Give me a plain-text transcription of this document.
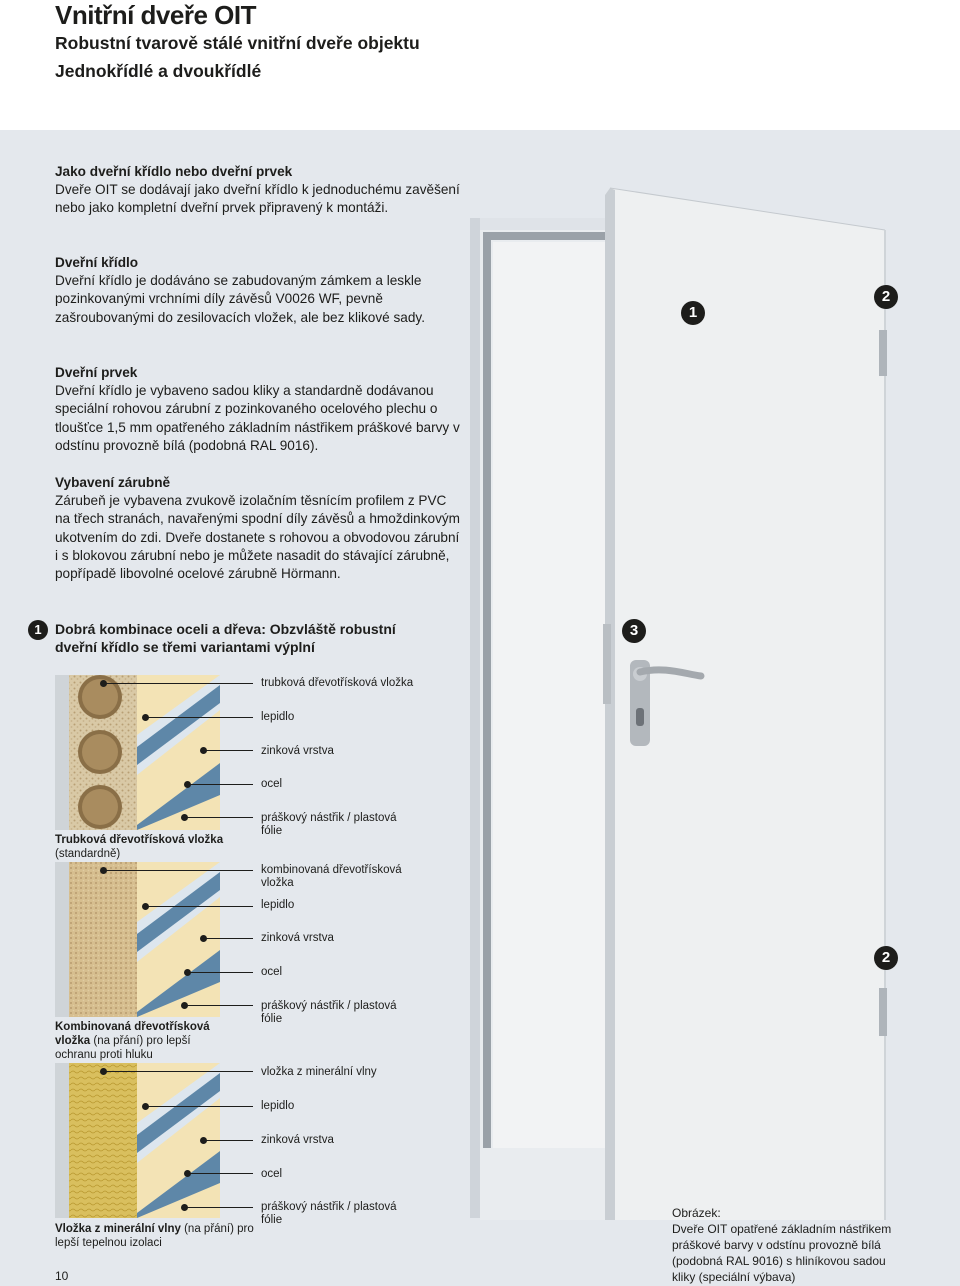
Vnitřní dveře OIT
Robustní tvarově stálé vnitřní dveře objektu
Jednokřídlé a dvoukřídlé
1
2
3
2
Jako dveřní křídlo nebo dveřní prvek
Dveře OIT se dodávají jako dveřní křídlo k jednoduchému zavěšení nebo jako kompletní dveřní prvek připravený k montáži.
Dveřní křídlo
Dveřní křídlo je dodáváno se zabudovaným zámkem a leskle pozinkovanými vrchními díly závěsů V0026 WF, pevně zašroubovanými do zesilovacích vložek, ale bez klikové sady.
Dveřní prvek
Dveřní křídlo je vybaveno sadou kliky a standardně dodávanou speciální rohovou zárubní z pozinkovaného ocelového plechu o tloušťce 1,5 mm opatřeného základním nástřikem práškové barvy v odstínu provozně bílá (podobná RAL 9016).
Vybavení zárubně
Zárubeň je vybavena zvukově izolačním těsnícím profilem z PVC na třech stranách, navařenými spodní díly závěsů a hmoždinkovým ukotvením do zdi. Dveře dostanete s rohovou a obvodovou zárubní i s blokovou zárubní nebo je můžete nasadit do stávající zárubně, popřípadě libovolné ocelové zárubně Hörmann.
1 Dobrá kombinace oceli a dřeva: Obzvláště robustní dveřní křídlo se třemi variantami výplní
trubková dřevotřísková vložka
lepidlo
zinková vrstva
ocel
práškový nástřik / plastová fólie
Trubková dřevotřísková vložka
(standardně)
kombinovaná dřevotřísková vložka
lepidlo
zinková vrstva
ocel
práškový nástřik / plastová fólie
Kombinovaná dřevotřísková vložka (na přání) pro lepší ochranu proti hluku
vložka z minerální vlny
lepidlo
zinková vrstva
ocel
práškový nástřik / plastová fólie
Vložka z minerální vlny (na přání) pro lepší tepelnou izolaci
Obrázek:
Dveře OIT opatřené základním nástřikem práškové barvy v odstínu provozně bílá (podobná RAL 9016) s hliníkovou sadou kliky (speciální výbava)
10
